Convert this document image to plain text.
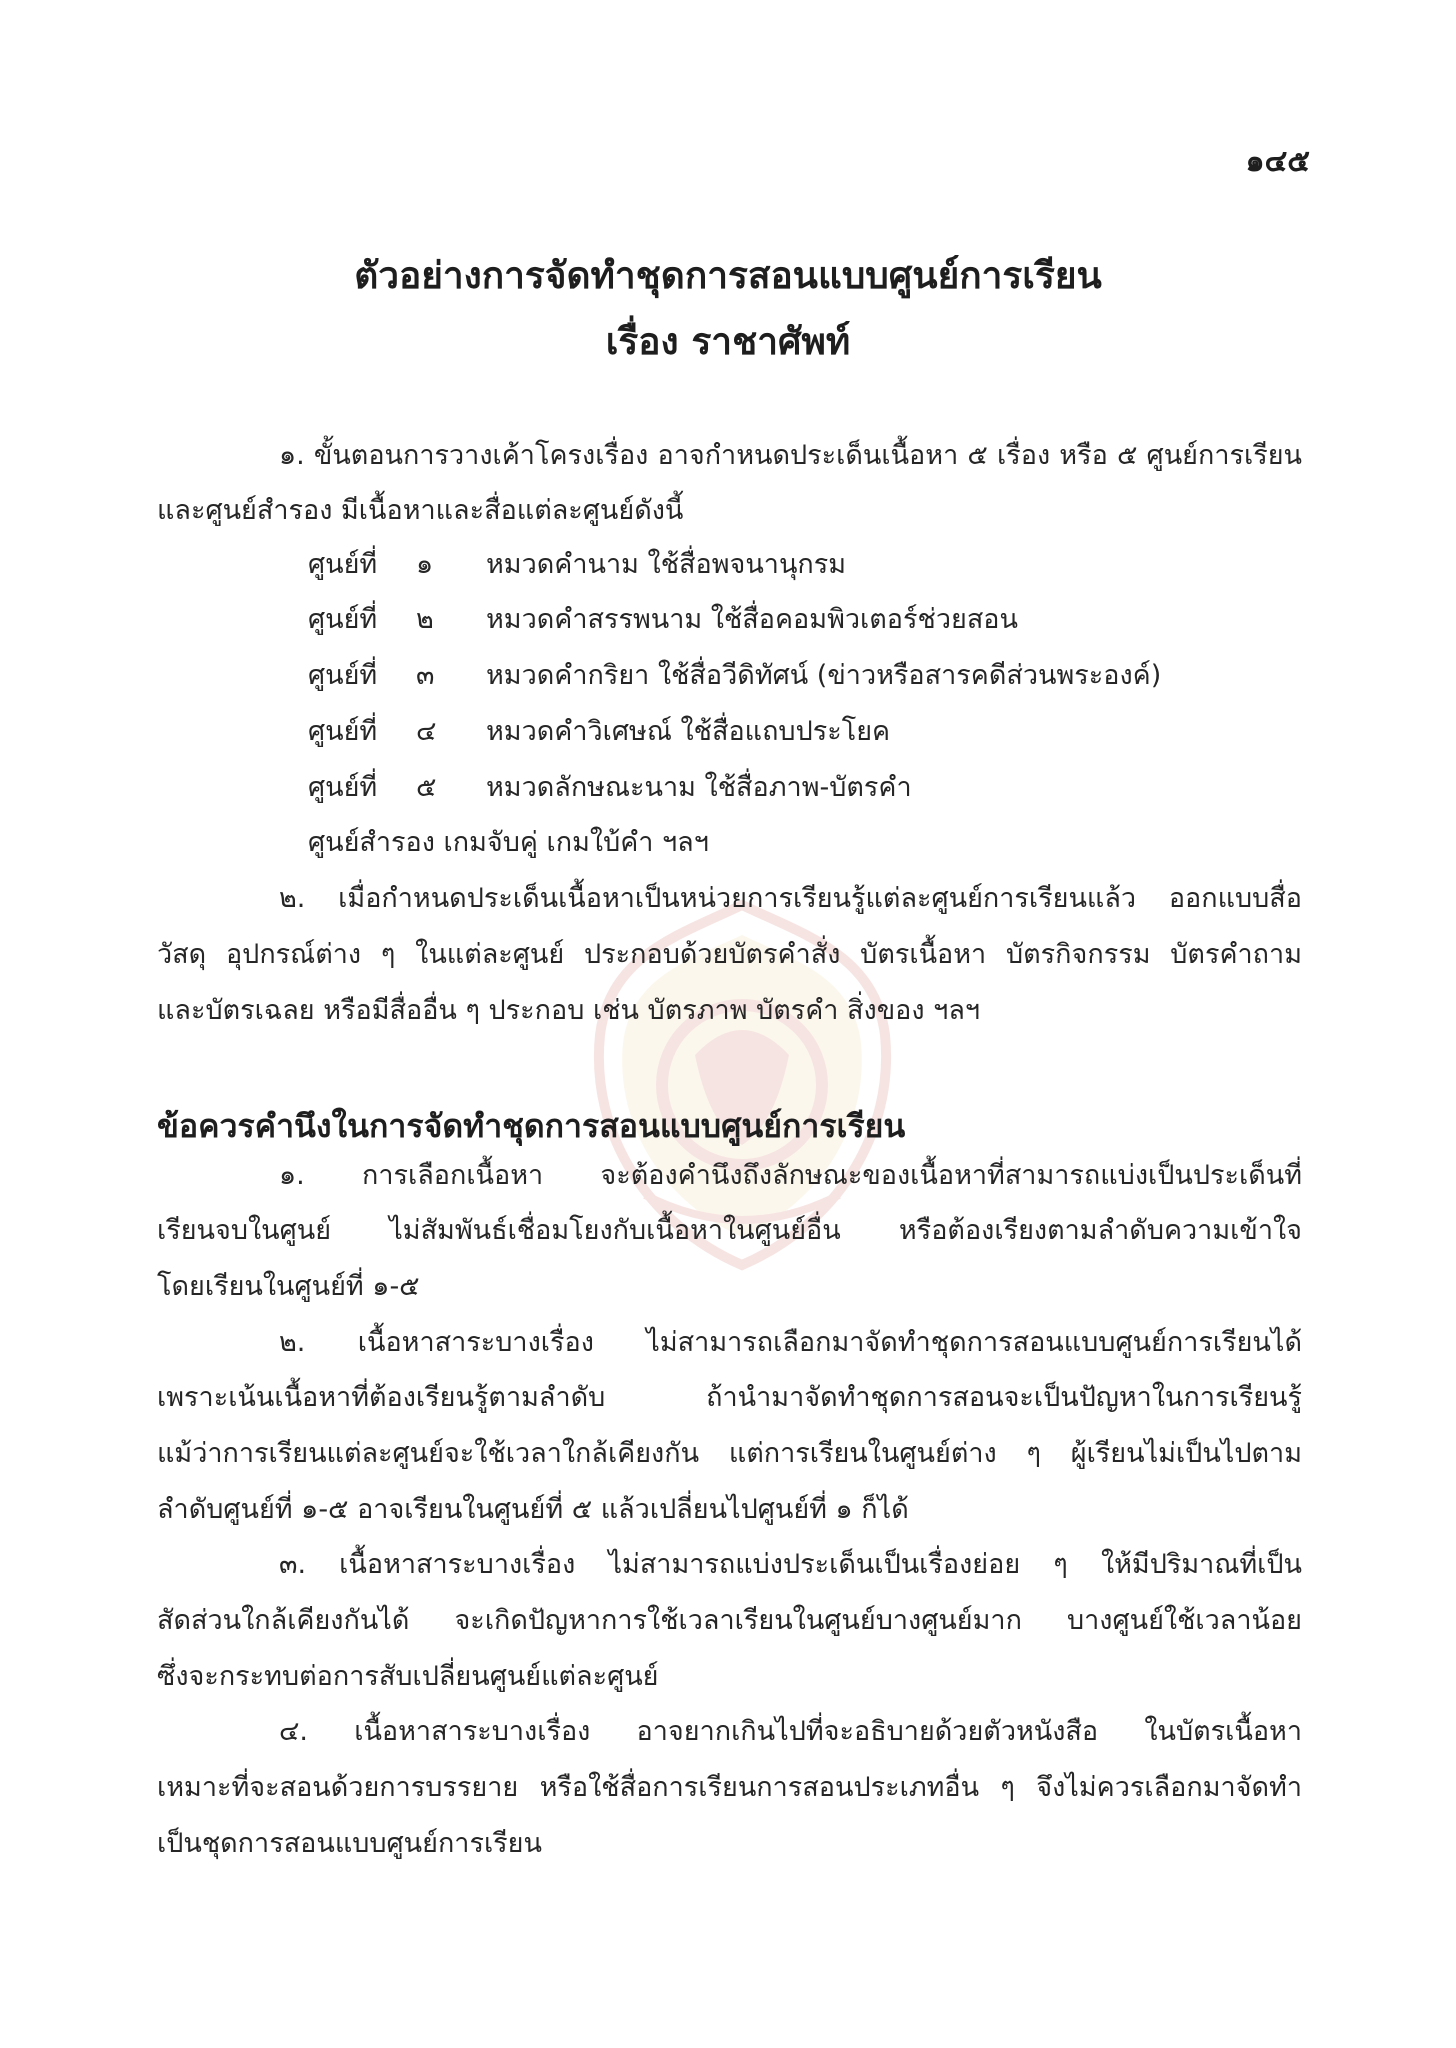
๑๔๕
ตัวอย่างการจัดทำชุดการสอนแบบศูนย์การเรียน
เรื่อง ราชาศัพท์
๑. ขั้นตอนการวางเค้าโครงเรื่อง อาจกำหนดประเด็นเนื้อหา ๕ เรื่อง หรือ ๕ ศูนย์การเรียน
และศูนย์สำรอง มีเนื้อหาและสื่อแต่ละศูนย์ดังนี้
ศูนย์ที่ ๑ หมวดคำนาม ใช้สื่อพจนานุกรม
ศูนย์ที่ ๒ หมวดคำสรรพนาม ใช้สื่อคอมพิวเตอร์ช่วยสอน
ศูนย์ที่ ๓ หมวดคำกริยา ใช้สื่อวีดิทัศน์ (ข่าวหรือสารคดีส่วนพระองค์)
ศูนย์ที่ ๔ หมวดคำวิเศษณ์ ใช้สื่อแถบประโยค
ศูนย์ที่ ๕ หมวดลักษณะนาม ใช้สื่อภาพ-บัตรคำ
ศูนย์สำรอง เกมจับคู่ เกมใบ้คำ ฯลฯ
๒. เมื่อกำหนดประเด็นเนื้อหาเป็นหน่วยการเรียนรู้แต่ละศูนย์การเรียนแล้ว ออกแบบสื่อ
วัสดุ อุปกรณ์ต่าง ๆ ในแต่ละศูนย์ ประกอบด้วยบัตรคำสั่ง บัตรเนื้อหา บัตรกิจกรรม บัตรคำถาม
และบัตรเฉลย หรือมีสื่ออื่น ๆ ประกอบ เช่น บัตรภาพ บัตรคำ สิ่งของ ฯลฯ
ข้อควรคำนึงในการจัดทำชุดการสอนแบบศูนย์การเรียน
๑. การเลือกเนื้อหา จะต้องคำนึงถึงลักษณะของเนื้อหาที่สามารถแบ่งเป็นประเด็นที่
เรียนจบในศูนย์ ไม่สัมพันธ์เชื่อมโยงกับเนื้อหาในศูนย์อื่น หรือต้องเรียงตามลำดับความเข้าใจ
โดยเรียนในศูนย์ที่ ๑-๕
๒. เนื้อหาสาระบางเรื่อง ไม่สามารถเลือกมาจัดทำชุดการสอนแบบศูนย์การเรียนได้
เพราะเน้นเนื้อหาที่ต้องเรียนรู้ตามลำดับ ถ้านำมาจัดทำชุดการสอนจะเป็นปัญหาในการเรียนรู้
แม้ว่าการเรียนแต่ละศูนย์จะใช้เวลาใกล้เคียงกัน แต่การเรียนในศูนย์ต่าง ๆ ผู้เรียนไม่เป็นไปตาม
ลำดับศูนย์ที่ ๑-๕ อาจเรียนในศูนย์ที่ ๕ แล้วเปลี่ยนไปศูนย์ที่ ๑ ก็ได้
๓. เนื้อหาสาระบางเรื่อง ไม่สามารถแบ่งประเด็นเป็นเรื่องย่อย ๆ ให้มีปริมาณที่เป็น
สัดส่วนใกล้เคียงกันได้ จะเกิดปัญหาการใช้เวลาเรียนในศูนย์บางศูนย์มาก บางศูนย์ใช้เวลาน้อย
ซึ่งจะกระทบต่อการสับเปลี่ยนศูนย์แต่ละศูนย์
๔. เนื้อหาสาระบางเรื่อง อาจยากเกินไปที่จะอธิบายด้วยตัวหนังสือ ในบัตรเนื้อหา
เหมาะที่จะสอนด้วยการบรรยาย หรือใช้สื่อการเรียนการสอนประเภทอื่น ๆ จึงไม่ควรเลือกมาจัดทำ
เป็นชุดการสอนแบบศูนย์การเรียน
